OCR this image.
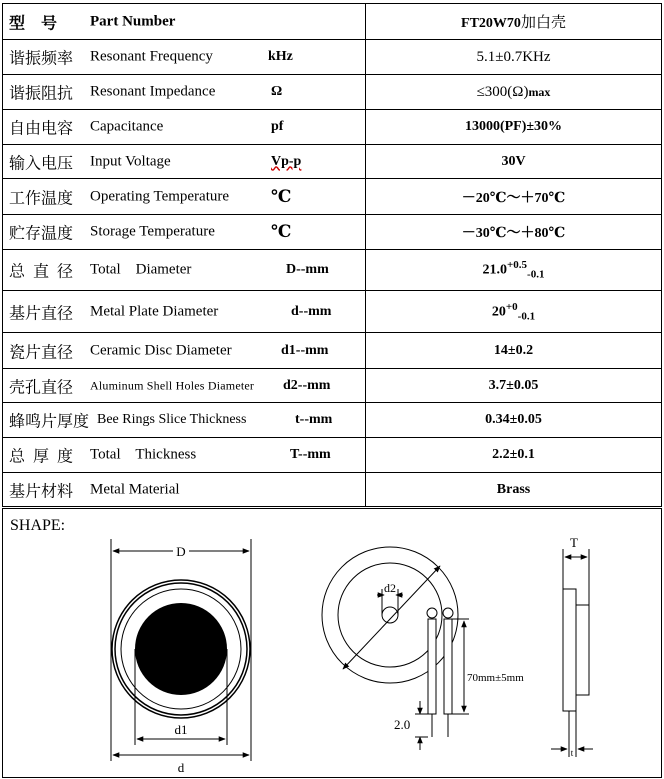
型    号 Part Number	FT20W70加白壳

谐振频率 Resonant Frequency kHz	5.1±0.7KHz

谐振阻抗 Resonant Impedance Ω	≤300(Ω)max

自由电容 Capacitance pf	13000(PF)±30%

输入电压 Input Voltage Vp-p	30V

工作温度 Operating Temperature ℃	－20℃～＋70℃

贮存温度 Storage Temperature ℃	－30℃～＋80℃

总  直  径 Total    Diameter D--mm	$21.0^{+0.5}_{-0.1}$

基片直径 Metal Plate Diameter d--mm	$20^{+0}_{-0.1}$

瓷片直径 Ceramic Disc Diameter d1--mm	14±0.2

壳孔直径 Aluminum Shell Holes Diameter d2--mm	3.7±0.05

蜂鸣片厚度 Bee Rings Slice Thickness t--mm	0.34±0.05

总  厚  度 Total    Thickness T--mm	2.2±0.1

基片材料 Metal Material	Brass
SHAPE:
D
d1
d
d2
70mm±5mm
2.0
T
t
